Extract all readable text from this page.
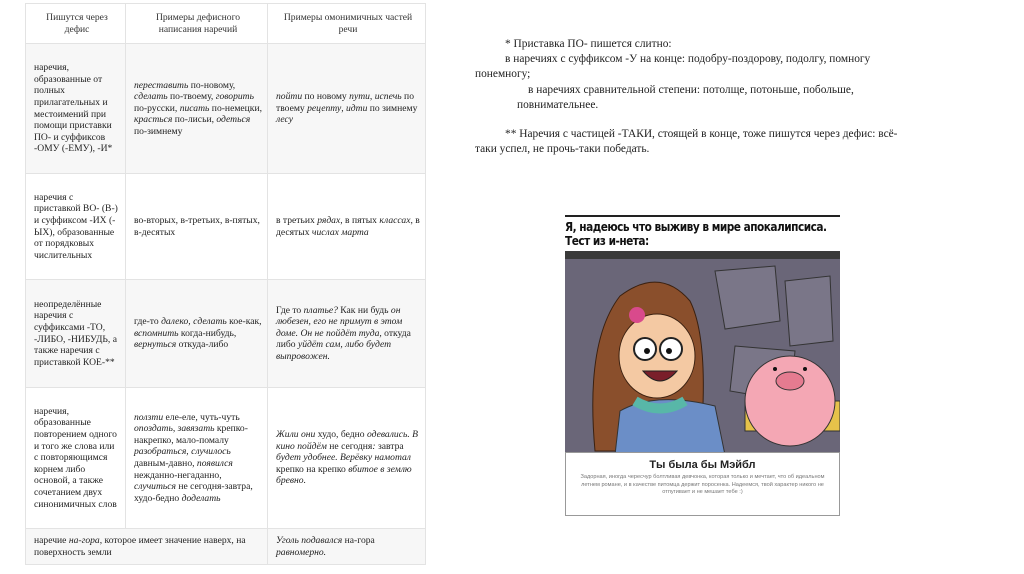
Пишутся через дефис	Примеры дефисного написания наречий	Примеры омонимичных частей речи
наречия, образованные от полных прилагательных и местоимений при помощи приставки ПО- и суффиксов -ОМУ (-ЕМУ), -И*	переставить по-новому, сделать по-твоему, говорить по-русски, писать по-немецки, красться по-лисьи, одеться по-зимнему	пойти по новому пути, испечь по твоему рецепту, идти по зимнему лесу
наречия с приставкой ВО- (В-) и суффиксом -ИХ (-ЫХ), образованные от порядковых числительных	во-вторых, в-третьих, в-пятых, в-десятых	в третьих рядах, в пятых классах, в десятых числах марта
неопределённые наречия с суффиксами -ТО, -ЛИБО, -НИБУДЬ, а также наречия с приставкой КОЕ-**	где-то далеко, сделать кое-как, вспомнить когда-нибудь, вернуться откуда-либо	Где то платье? Как ни будь он любезен, его не примут в этом доме. Он не пойдёт туда, откуда либо уйдёт сам, либо будет выпровожен.
наречия, образованные повторением одного и того же слова или с повторяющимся корнем либо основой, а также сочетанием двух синонимичных слов	ползти еле-еле, чуть-чуть опоздать, завязать крепко-накрепко, мало-помалу разобраться, случилось давным-давно, появился нежданно-негаданно, случиться не сегодня-завтра, худо-бедно доделать	Жили они худо, бедно одевались. В кино пойдём не сегодня: завтра будет удобнее. Верёвку намотал крепко на крепко вбитое в землю бревно.
наречие на-гора, которое имеет значение наверх, на поверхность земли		Уголь подавался на-гора равномерно.

* Приставка ПО- пишется слитно:

в наречиях с суффиксом -У на конце: подобру-поздорову, подолгу, помногу

понемногу;

в наречиях сравнительной степени: потолще, потоньше, побольше,

повнимательнее.

** Наречия с частицей -ТАКИ, стоящей в конце, тоже пишутся через дефис: всё-таки успел, не прочь-таки победать.

Я, надеюсь что выживу в мире апокалипсиса.
Тест из и-нета:
Ты была бы Мэйбл

Задорная, иногда чересчур болтливая девчонка, которая только и мечтает, что об идеальном летнем романе, и в качестве питомца держит поросенка. Надеемся, твой характер никого не отпугивает и не мешает тебе :)
